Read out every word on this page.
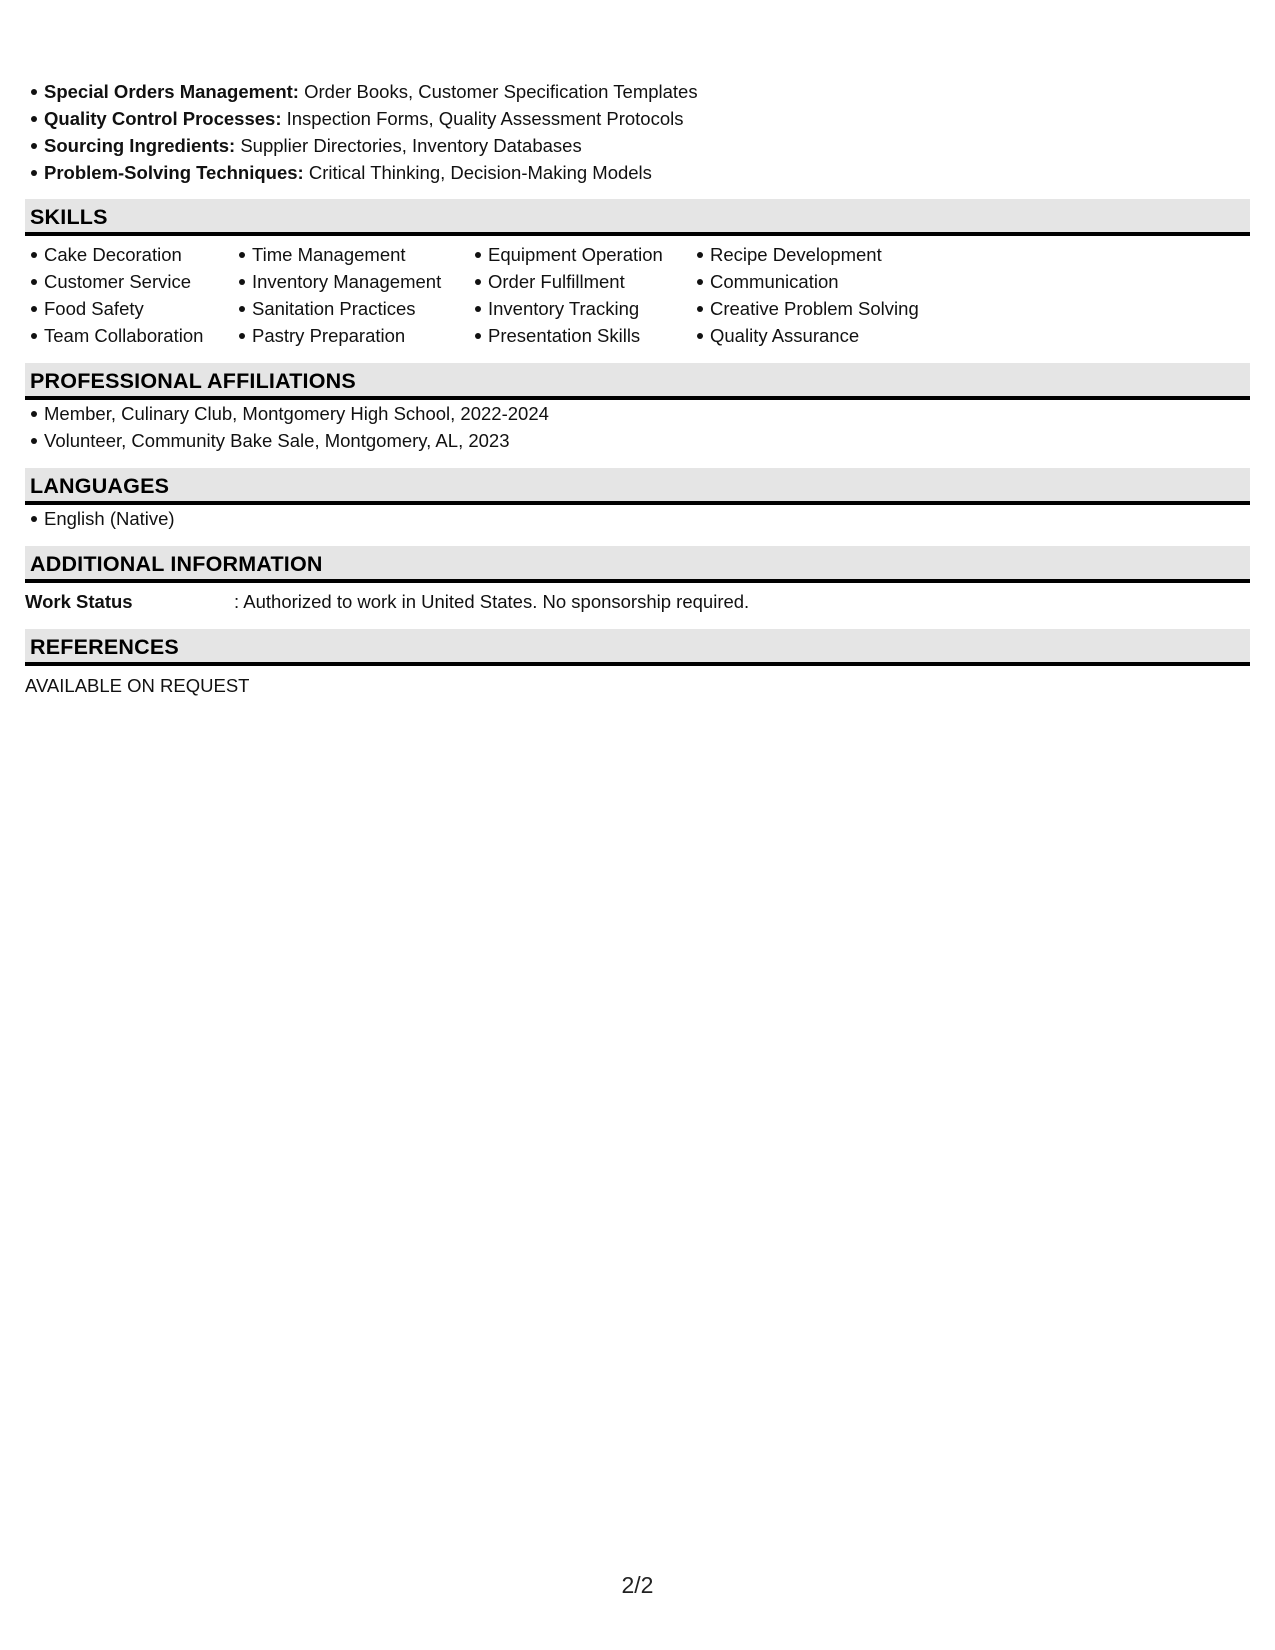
Special Orders Management: Order Books, Customer Specification Templates
Quality Control Processes: Inspection Forms, Quality Assessment Protocols
Sourcing Ingredients: Supplier Directories, Inventory Databases
Problem-Solving Techniques: Critical Thinking, Decision-Making Models
SKILLS
Cake Decoration
Customer Service
Food Safety
Team Collaboration
Time Management
Inventory Management
Sanitation Practices
Pastry Preparation
Equipment Operation
Order Fulfillment
Inventory Tracking
Presentation Skills
Recipe Development
Communication
Creative Problem Solving
Quality Assurance
PROFESSIONAL AFFILIATIONS
Member, Culinary Club, Montgomery High School, 2022-2024
Volunteer, Community Bake Sale, Montgomery, AL, 2023
LANGUAGES
English (Native)
ADDITIONAL INFORMATION
Work Status	: Authorized to work in United States. No sponsorship required.
REFERENCES
AVAILABLE ON REQUEST
2/2
